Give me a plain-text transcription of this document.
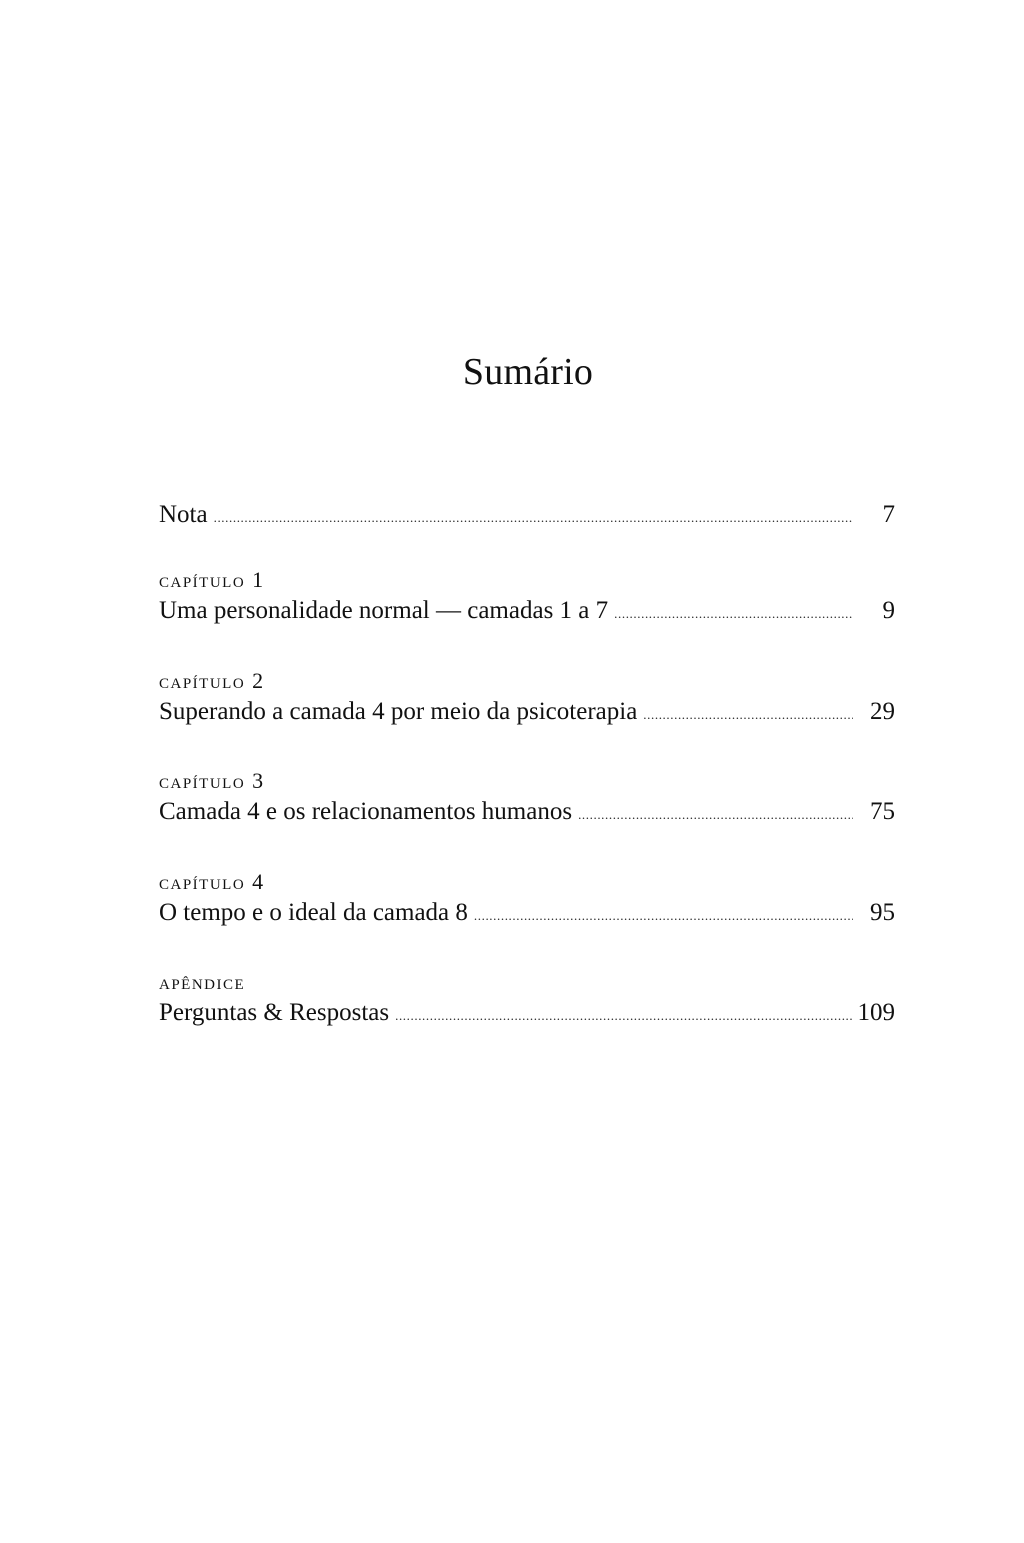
Sumário
Nota .....	7
capítulo 1
Uma personalidade normal — camadas 1 a 7 .....	9
capítulo 2
Superando a camada 4 por meio da psicoterapia .....	29
capítulo 3
Camada 4 e os relacionamentos humanos .....	75
capítulo 4
O tempo e o ideal da camada 8 .....	95
apêndice
Perguntas & Respostas .....	109
